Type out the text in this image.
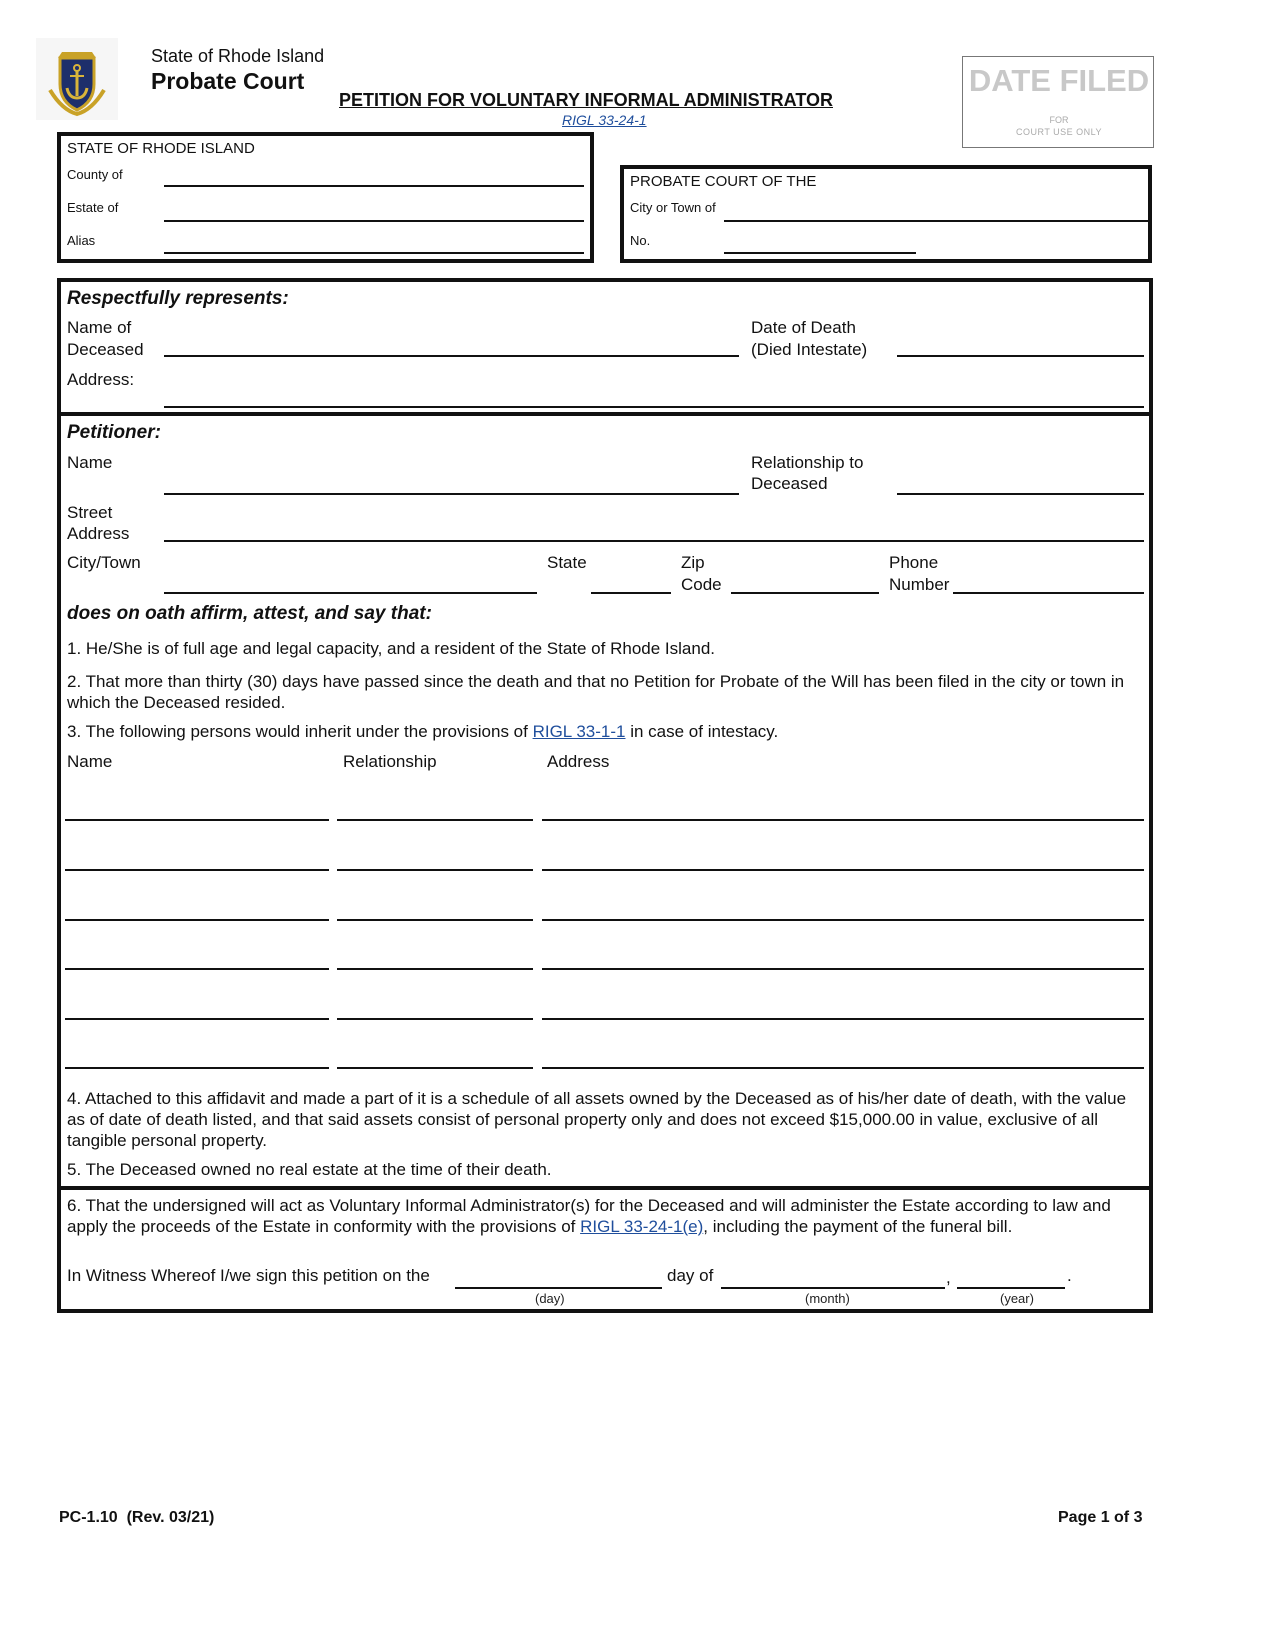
State of Rhode Island
Probate Court
PETITION FOR VOLUNTARY INFORMAL ADMINISTRATOR
RIGL 33-24-1
DATE FILED
FOR
COURT USE ONLY
STATE OF RHODE ISLAND
County of
Estate of
Alias
PROBATE COURT OF THE
City or Town of
No.
Respectfully represents:
Name of
Deceased
Date of Death
(Died Intestate)
Address:
Petitioner:
Name	Relationship to
Deceased
Street
Address
City/Town	State	Zip
Code
Phone
Number
does on oath affirm, attest, and say that:
1. He/She is of full age and legal capacity, and a resident of the State of Rhode Island.
2. That more than thirty (30) days have passed since the death and that no Petition for Probate of the Will has been filed in the city or town in which the Deceased resided.
3. The following persons would inherit under the provisions of RIGL 33-1-1 in case of intestacy.
Name	Relationship	Address
4. Attached to this affidavit and made a part of it is a schedule of all assets owned by the Deceased as of his/her date of death, with the value as of date of death listed, and that said assets consist of personal property only and does not exceed $15,000.00 in value, exclusive of all tangible personal property.
5. The Deceased owned no real estate at the time of their death.
6. That the undersigned will act as Voluntary Informal Administrator(s) for the Deceased and will administer the Estate according to law and apply the proceeds of the Estate in conformity with the provisions of RIGL 33-24-1(e), including the payment of the funeral bill.
In Witness Whereof I/we sign this petition on the
(day)
day of
(month)
,
(year)
.
PC-1.10  (Rev. 03/21)	Page 1 of 3
